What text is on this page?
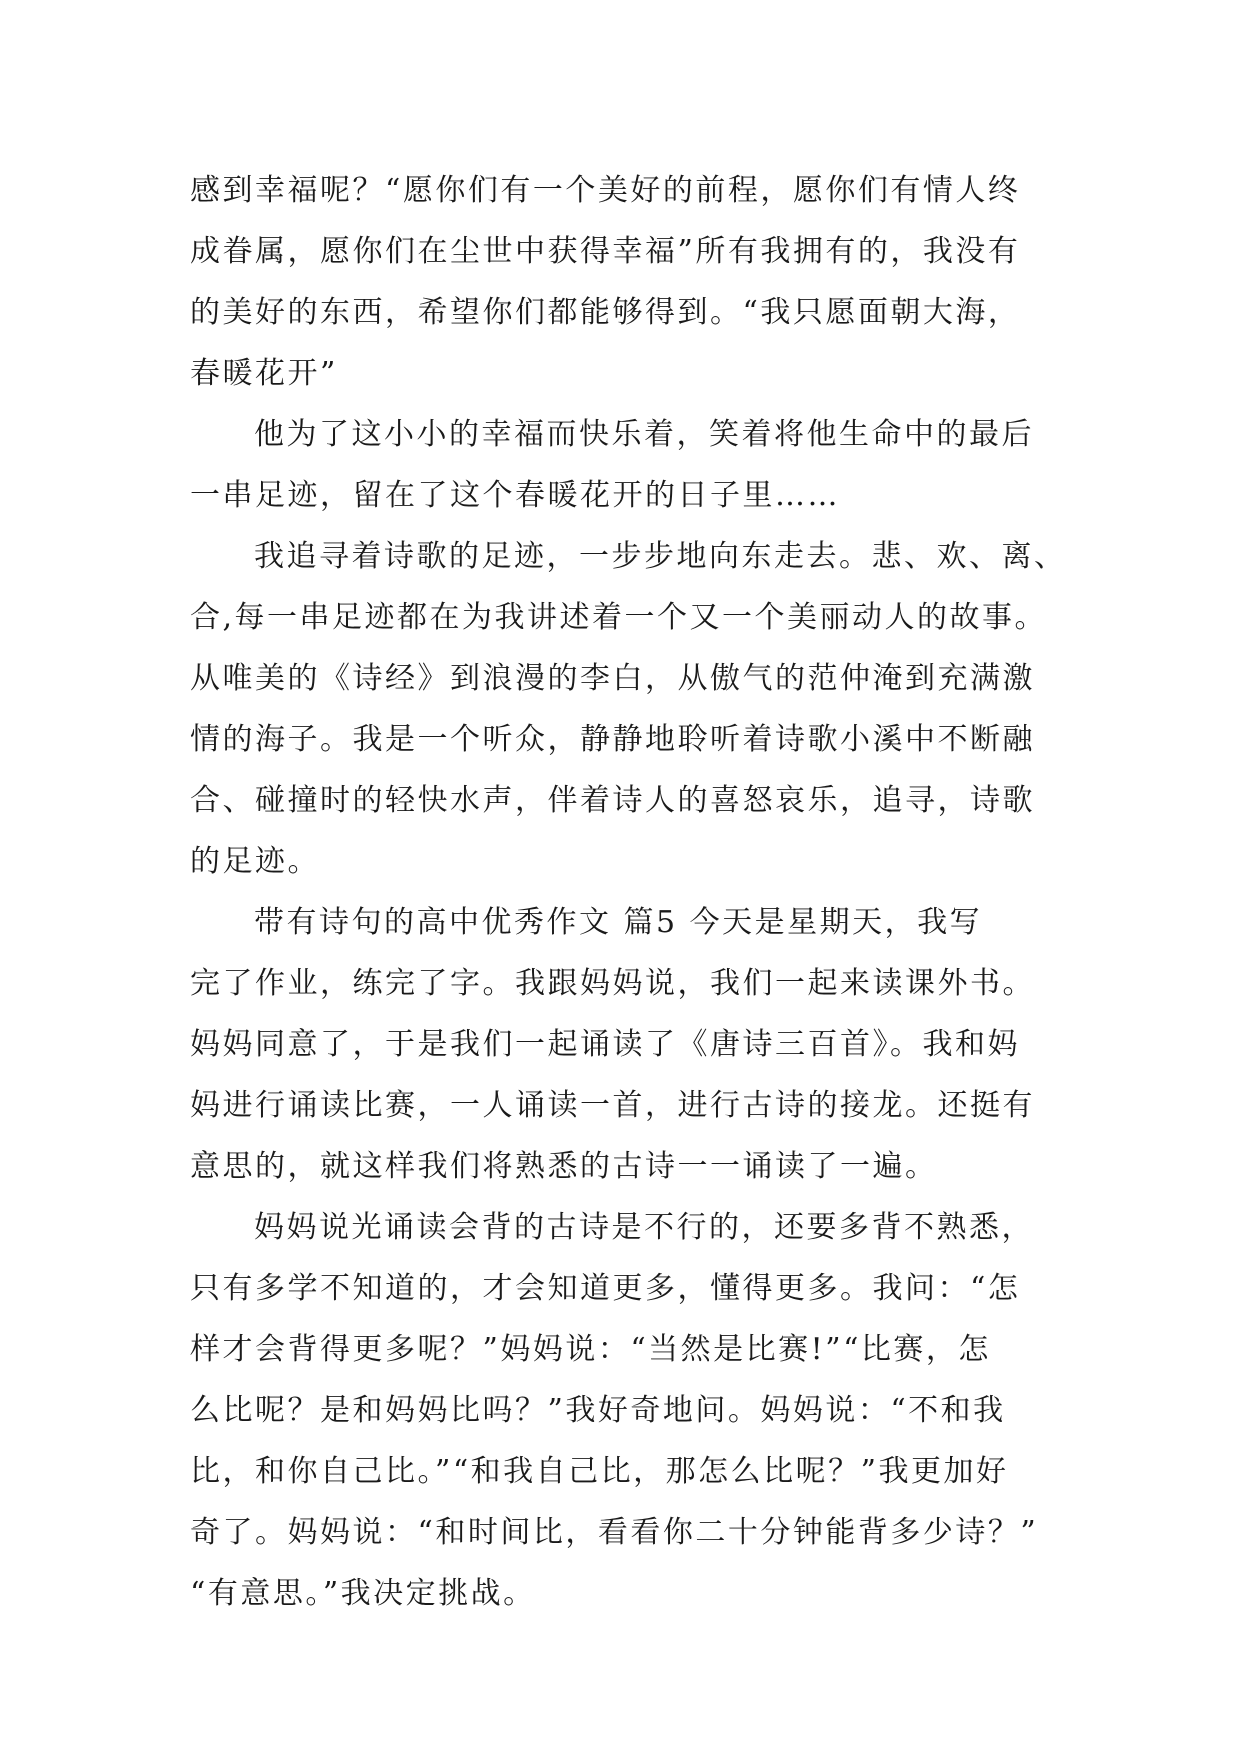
感到幸福呢？“愿你们有一个美好的前程，愿你们有情人终
成眷属，愿你们在尘世中获得幸福”所有我拥有的，我没有
的美好的东西，希望你们都能够得到。“我只愿面朝大海，
春暖花开”
他为了这小小的幸福而快乐着，笑着将他生命中的最后
一串足迹，留在了这个春暖花开的日子里……
我追寻着诗歌的足迹，一步步地向东走去。悲、欢、离、
合,每一串足迹都在为我讲述着一个又一个美丽动人的故事。
从唯美的《诗经》到浪漫的李白，从傲气的范仲淹到充满激
情的海子。我是一个听众，静静地聆听着诗歌小溪中不断融
合、碰撞时的轻快水声，伴着诗人的喜怒哀乐，追寻，诗歌
的足迹。
带有诗句的高中优秀作文 篇5 今天是星期天，我写
完了作业，练完了字。我跟妈妈说，我们一起来读课外书。
妈妈同意了，于是我们一起诵读了《唐诗三百首》。我和妈
妈进行诵读比赛，一人诵读一首，进行古诗的接龙。还挺有
意思的，就这样我们将熟悉的古诗一一诵读了一遍。
妈妈说光诵读会背的古诗是不行的，还要多背不熟悉，
只有多学不知道的，才会知道更多，懂得更多。我问：“怎
样才会背得更多呢？”妈妈说：“当然是比赛!”“比赛，怎
么比呢？是和妈妈比吗？”我好奇地问。妈妈说：“不和我
比，和你自己比。”“和我自己比，那怎么比呢？”我更加好
奇了。妈妈说：“和时间比，看看你二十分钟能背多少诗？”
“有意思。”我决定挑战。
